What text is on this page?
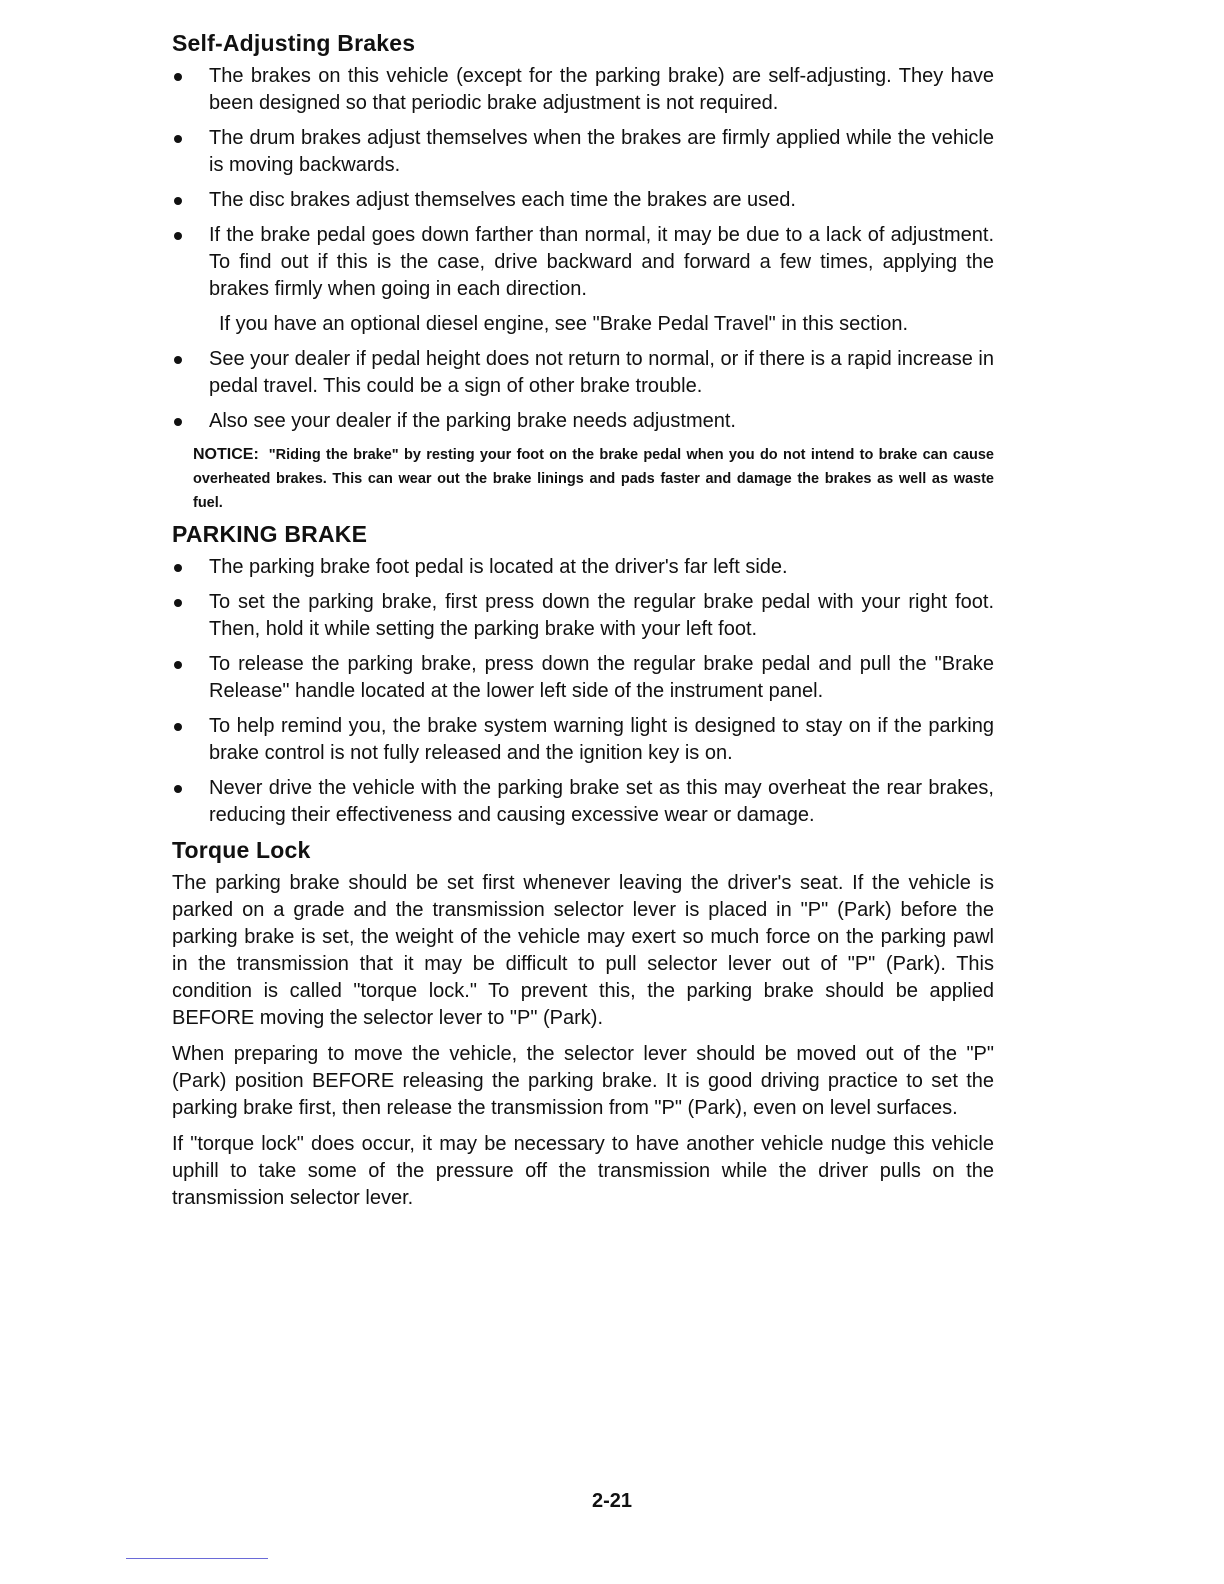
Self-Adjusting Brakes
The brakes on this vehicle (except for the parking brake) are self-adjusting. They have been designed so that periodic brake adjustment is not required.
The drum brakes adjust themselves when the brakes are firmly applied while the vehicle is moving backwards.
The disc brakes adjust themselves each time the brakes are used.
If the brake pedal goes down farther than normal, it may be due to a lack of adjustment. To find out if this is the case, drive backward and forward a few times, applying the brakes firmly when going in each direction.
If you have an optional diesel engine, see "Brake Pedal Travel" in this section.
See your dealer if pedal height does not return to normal, or if there is a rapid increase in pedal travel. This could be a sign of other brake trouble.
Also see your dealer if the parking brake needs adjustment.
NOTICE: "Riding the brake" by resting your foot on the brake pedal when you do not intend to brake can cause overheated brakes. This can wear out the brake linings and pads faster and damage the brakes as well as waste fuel.
PARKING BRAKE
The parking brake foot pedal is located at the driver's far left side.
To set the parking brake, first press down the regular brake pedal with your right foot. Then, hold it while setting the parking brake with your left foot.
To release the parking brake, press down the regular brake pedal and pull the "Brake Release" handle located at the lower left side of the instrument panel.
To help remind you, the brake system warning light is designed to stay on if the parking brake control is not fully released and the ignition key is on.
Never drive the vehicle with the parking brake set as this may overheat the rear brakes, reducing their effectiveness and causing excessive wear or damage.
Torque Lock

The parking brake should be set first whenever leaving the driver's seat. If the vehicle is parked on a grade and the transmission selector lever is placed in "P" (Park) before the parking brake is set, the weight of the vehicle may exert so much force on the parking pawl in the transmission that it may be difficult to pull selector lever out of "P" (Park). This condition is called "torque lock." To prevent this, the parking brake should be applied BEFORE moving the selector lever to "P" (Park).

When preparing to move the vehicle, the selector lever should be moved out of the "P" (Park) position BEFORE releasing the parking brake. It is good driving practice to set the parking brake first, then release the transmission from "P" (Park), even on level surfaces.

If "torque lock" does occur, it may be necessary to have another vehicle nudge this vehicle uphill to take some of the pressure off the transmission while the driver pulls on the transmission selector lever.

2-21
